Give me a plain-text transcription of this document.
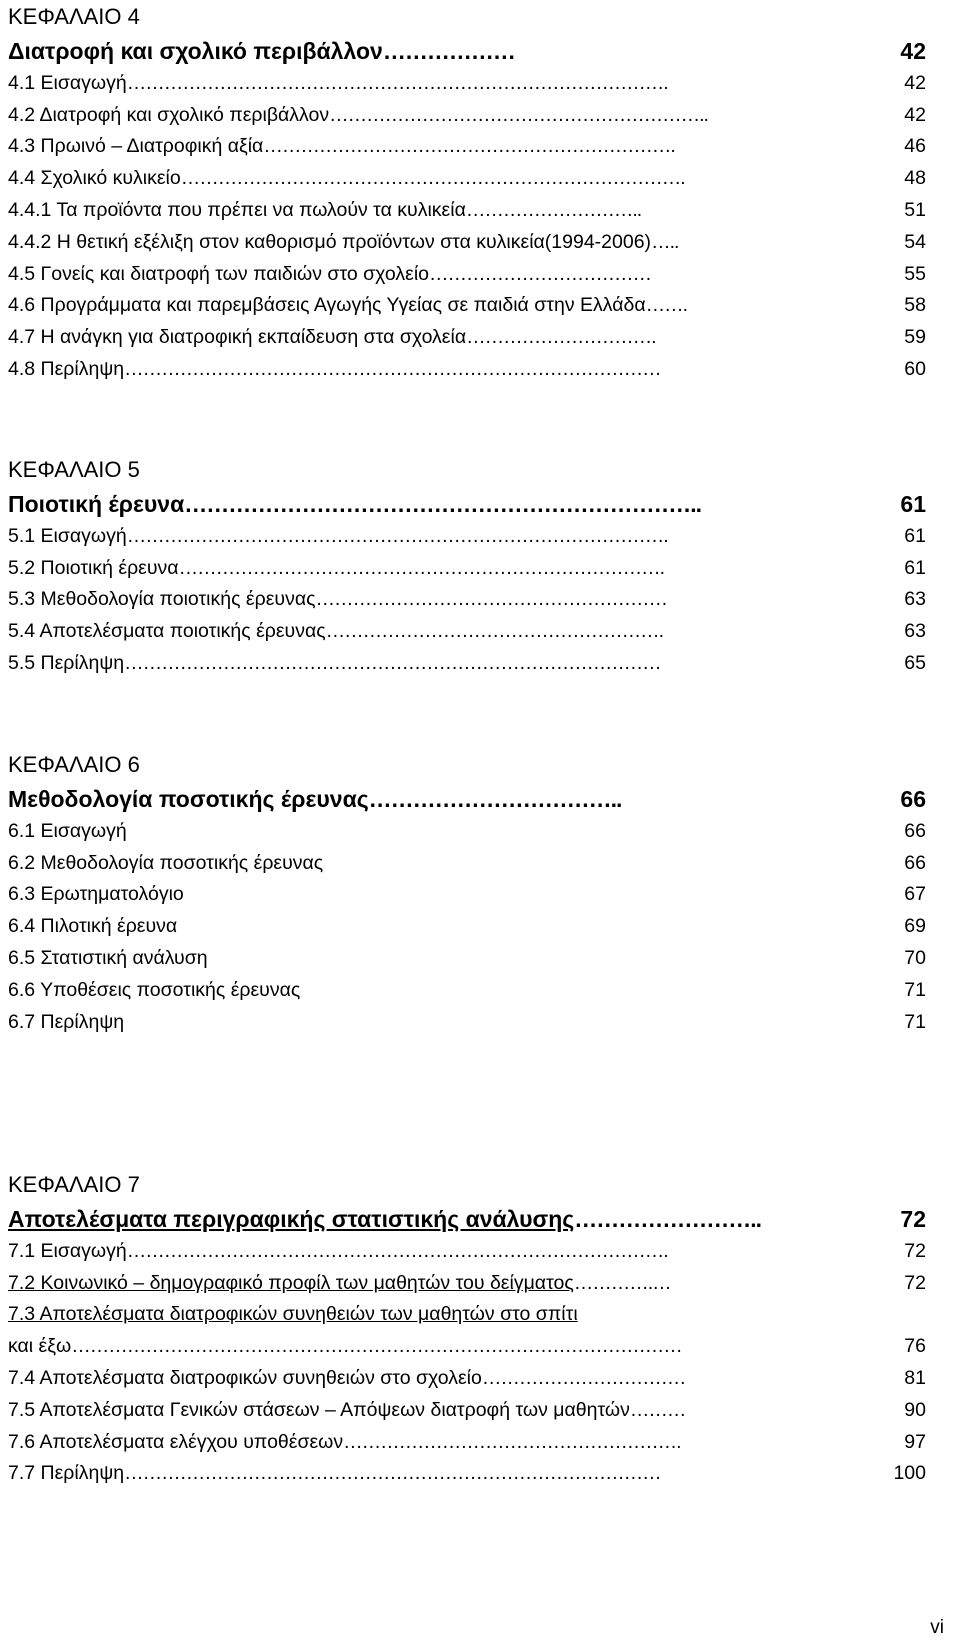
ΚΕΦΑΛΑΙΟ 4
Διατροφή και σχολικό περιβάλλον………………	42
4.1 Εισαγωγή…………………………………………………………………………….	42
4.2 Διατροφή και σχολικό περιβάλλον……………………………………………………..	42
4.3 Πρωινό – Διατροφική αξία………………………………………………………….	46
4.4 Σχολικό κυλικείο……………………………………………………………………….	48
4.4.1 Τα προϊόντα που πρέπει να πωλούν τα κυλικεία………………………..	51
4.4.2 Η θετική εξέλιξη στον καθορισμό προϊόντων στα κυλικεία(1994-2006)…..	54
4.5 Γονείς και διατροφή των παιδιών στο σχολείο………………………………	55
4.6 Προγράμματα και παρεμβάσεις Αγωγής Υγείας σε παιδιά στην Ελλάδα…….	58
4.7 Η ανάγκη για διατροφική εκπαίδευση στα σχολεία………………………….	59
4.8 Περίληψη……………………………………………………………………………	60
ΚΕΦΑΛΑΙΟ 5
Ποιοτική έρευνα……………………………………………………………..	61
5.1 Εισαγωγή…………………………………………………………………………….	61
5.2 Ποιοτική έρευνα…………………………………………………………………….	61
5.3 Μεθοδολογία ποιοτικής έρευνας…………………………………………………	63
5.4 Αποτελέσματα ποιοτικής έρευνας……………………………………………….	63
5.5 Περίληψη……………………………………………………………………………	65
ΚΕΦΑΛΑΙΟ 6
Μεθοδολογία ποσοτικής έρευνας……………………………..	66
6.1 Εισαγωγή	66
6.2 Μεθοδολογία ποσοτικής έρευνας	66
6.3 Ερωτηματολόγιο	67
6.4 Πιλοτική έρευνα	69
6.5 Στατιστική ανάλυση	70
6.6 Υποθέσεις ποσοτικής έρευνας	71
6.7 Περίληψη	71
ΚΕΦΑΛΑΙΟ 7
Αποτελέσματα περιγραφικής στατιστικής ανάλυσης……………………..	72
7.1 Εισαγωγή…………………………………………………………………………….	72
7.2 Κοινωνικό – δημογραφικό προφίλ των μαθητών του δείγματος………….…	72
7.3 Αποτελέσματα διατροφικών συνηθειών των μαθητών στο σπίτι
και έξω………………………………………………………………………………………	76
7.4 Αποτελέσματα διατροφικών συνηθειών στο σχολείο……………………………	81
7.5 Αποτελέσματα Γενικών στάσεων – Απόψεων διατροφή των μαθητών………	90
7.6 Αποτελέσματα ελέγχου υποθέσεων……………………………………………….	97
7.7 Περίληψη……………………………………………………………………………	100
vi
